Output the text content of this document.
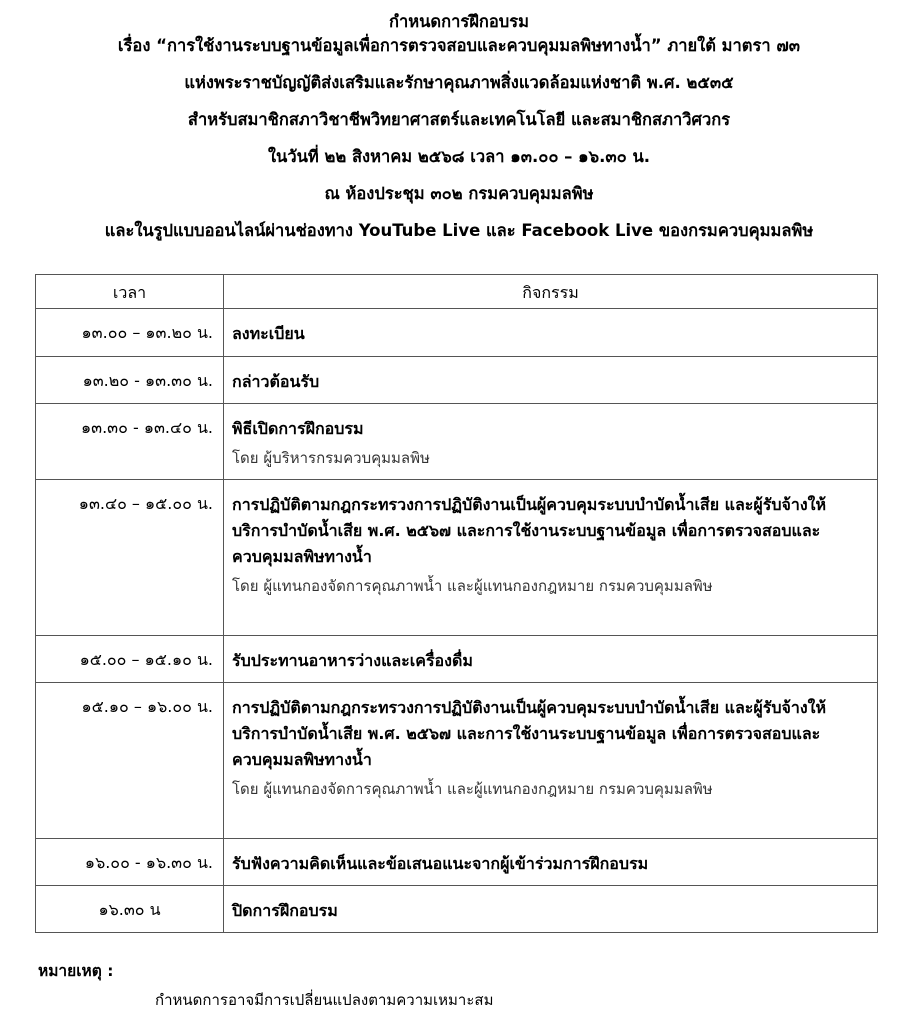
กำหนดการฝึกอบรม
เรื่อง “การใช้งานระบบฐานข้อมูลเพื่อการตรวจสอบและควบคุมมลพิษทางน้ำ” ภายใต้ มาตรา ๗๓
แห่งพระราชบัญญัติส่งเสริมและรักษาคุณภาพสิ่งแวดล้อมแห่งชาติ พ.ศ. ๒๕๓๕
สำหรับสมาชิกสภาวิชาชีพวิทยาศาสตร์และเทคโนโลยี และสมาชิกสภาวิศวกร
ในวันที่ ๒๒ สิงหาคม ๒๕๖๘ เวลา ๑๓.๐๐ – ๑๖.๓๐ น.
ณ ห้องประชุม ๓๐๒ กรมควบคุมมลพิษ
และในรูปแบบออนไลน์ผ่านช่องทาง YouTube Live และ Facebook Live ของกรมควบคุมมลพิษ
เวลา	กิจกรรม
๑๓.๐๐ – ๑๓.๒๐ น.	ลงทะเบียน

๑๓.๒๐ - ๑๓.๓๐ น.	กล่าวต้อนรับ

๑๓.๓๐ - ๑๓.๔๐ น.	พิธีเปิดการฝึกอบรม
โดย ผู้บริหารกรมควบคุมมลพิษ

๑๓.๔๐ – ๑๕.๐๐ น.	การปฏิบัติตามกฎกระทรวงการปฏิบัติงานเป็นผู้ควบคุมระบบบำบัดน้ำเสีย และผู้รับจ้างให้บริการบำบัดน้ำเสีย พ.ศ. ๒๕๖๗ และการใช้งานระบบฐานข้อมูล เพื่อการตรวจสอบและควบคุมมลพิษทางน้ำ
โดย ผู้แทนกองจัดการคุณภาพน้ำ และผู้แทนกองกฎหมาย กรมควบคุมมลพิษ

๑๕.๐๐ – ๑๕.๑๐ น.	รับประทานอาหารว่างและเครื่องดื่ม

๑๕.๑๐ – ๑๖.๐๐ น.	การปฏิบัติตามกฎกระทรวงการปฏิบัติงานเป็นผู้ควบคุมระบบบำบัดน้ำเสีย และผู้รับจ้างให้บริการบำบัดน้ำเสีย พ.ศ. ๒๕๖๗ และการใช้งานระบบฐานข้อมูล เพื่อการตรวจสอบและควบคุมมลพิษทางน้ำ
โดย ผู้แทนกองจัดการคุณภาพน้ำ และผู้แทนกองกฎหมาย กรมควบคุมมลพิษ

๑๖.๐๐ - ๑๖.๓๐ น.	รับฟังความคิดเห็นและข้อเสนอแนะจากผู้เข้าร่วมการฝึกอบรม

๑๖.๓๐ น	ปิดการฝึกอบรม
หมายเหตุ :
กำหนดการอาจมีการเปลี่ยนแปลงตามความเหมาะสม
